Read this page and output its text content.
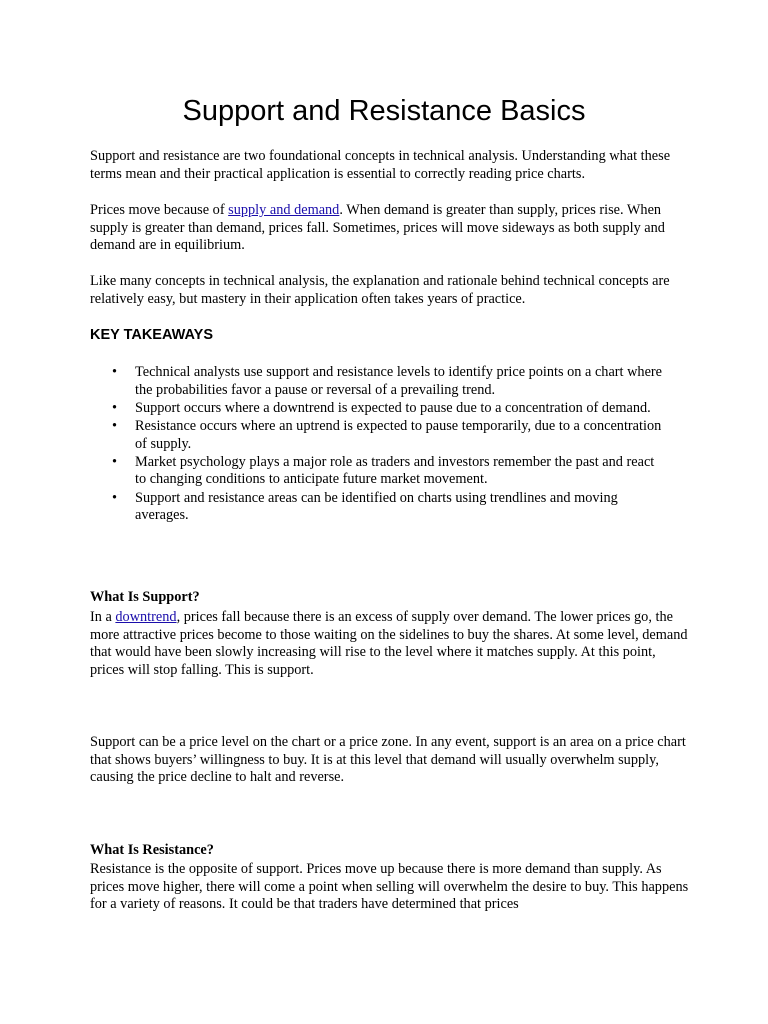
Support and Resistance Basics

Support and resistance are two foundational concepts in technical analysis. Understanding what these terms mean and their practical application is essential to correctly reading price charts.

Prices move because of supply and demand. When demand is greater than supply, prices rise. When supply is greater than demand, prices fall. Sometimes, prices will move sideways as both supply and demand are in equilibrium.

Like many concepts in technical analysis, the explanation and rationale behind technical concepts are relatively easy, but mastery in their application often takes years of practice.

KEY TAKEAWAYS
• Technical analysts use support and resistance levels to identify price points on a chart where the probabilities favor a pause or reversal of a prevailing trend.
• Support occurs where a downtrend is expected to pause due to a concentration of demand.
• Resistance occurs where an uptrend is expected to pause temporarily, due to a concentration of supply.
• Market psychology plays a major role as traders and investors remember the past and react to changing conditions to anticipate future market movement.
• Support and resistance areas can be identified on charts using trendlines and moving averages.
What Is Support?

In a downtrend, prices fall because there is an excess of supply over demand. The lower prices go, the more attractive prices become to those waiting on the sidelines to buy the shares. At some level, demand that would have been slowly increasing will rise to the level where it matches supply. At this point, prices will stop falling. This is support.

Support can be a price level on the chart or a price zone. In any event, support is an area on a price chart that shows buyers’ willingness to buy. It is at this level that demand will usually overwhelm supply, causing the price decline to halt and reverse.

What Is Resistance?

Resistance is the opposite of support. Prices move up because there is more demand than supply. As prices move higher, there will come a point when selling will overwhelm the desire to buy. This happens for a variety of reasons. It could be that traders have determined that prices
